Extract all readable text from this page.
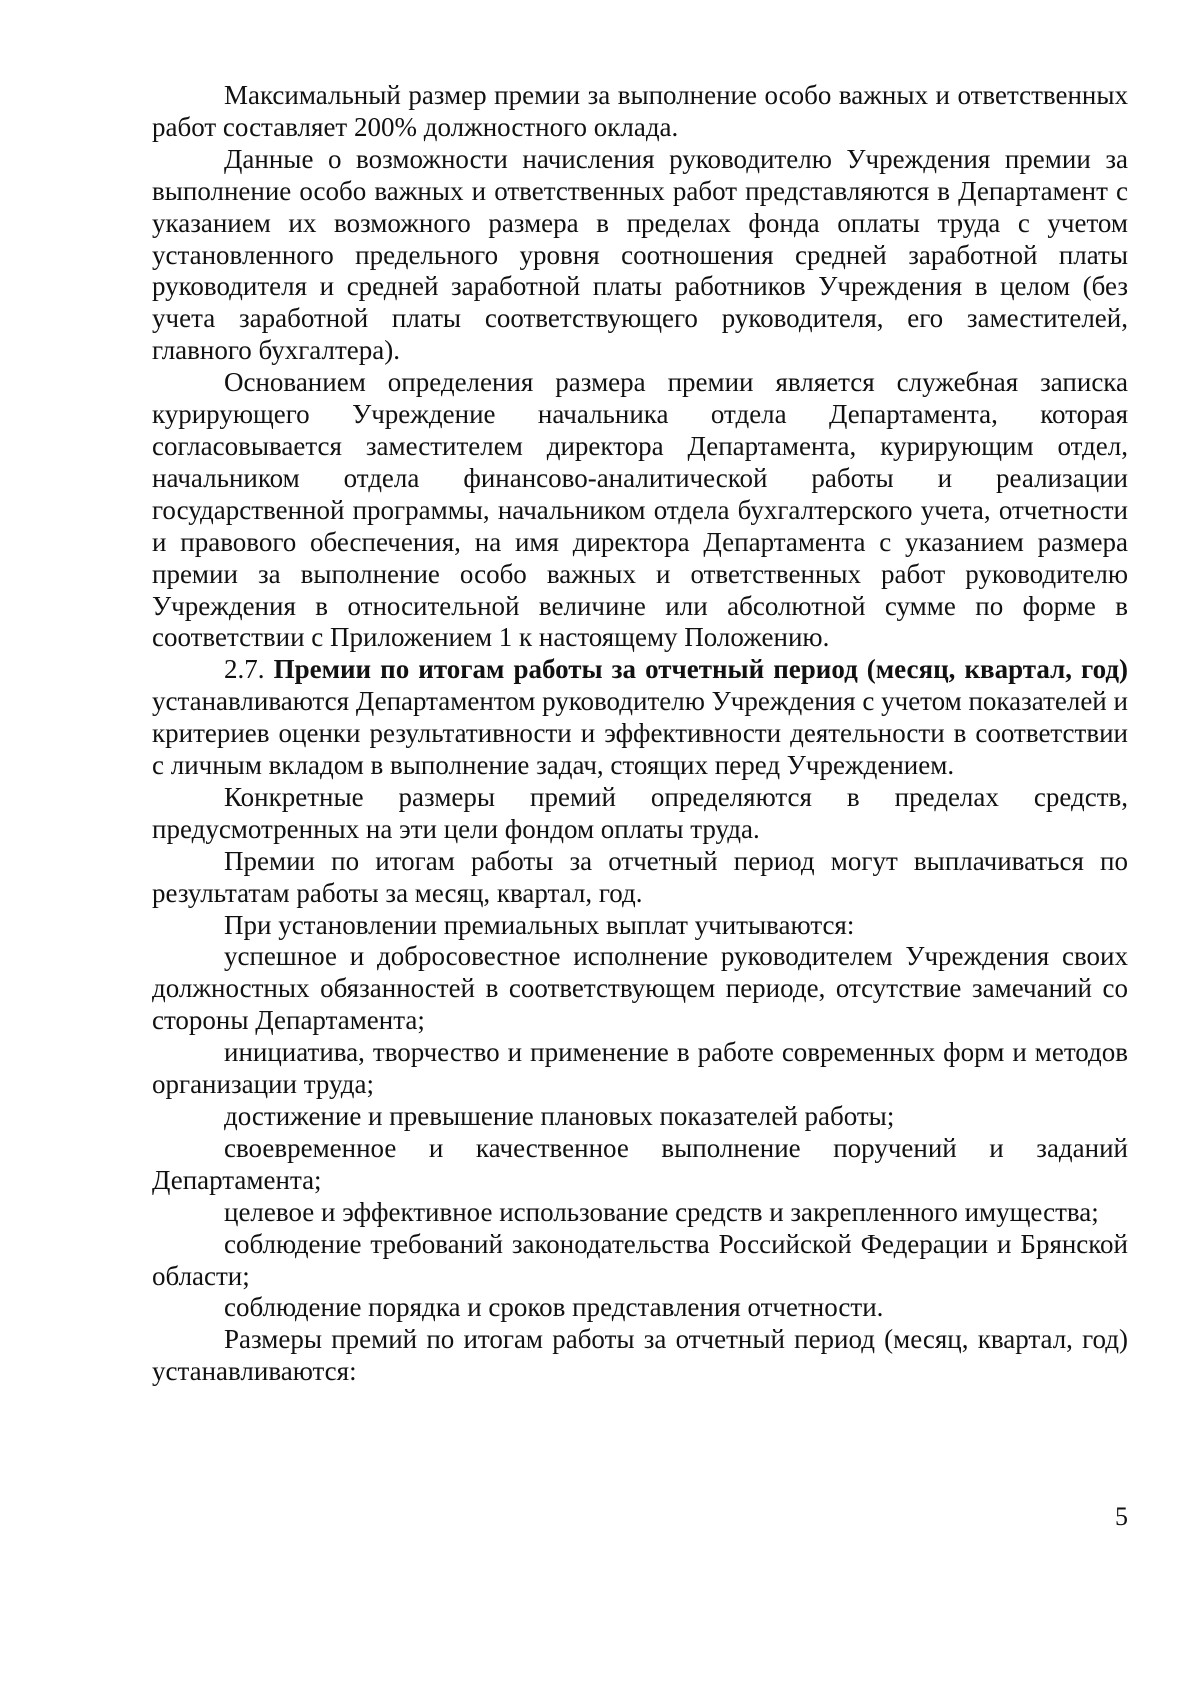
Максимальный размер премии за выполнение особо важных и ответственных работ составляет 200% должностного оклада.

Данные о возможности начисления руководителю Учреждения премии за выполнение особо важных и ответственных работ представляются в Департамент с указанием их возможного размера в пределах фонда оплаты труда с учетом установленного предельного уровня соотношения средней заработной платы руководителя и средней заработной платы работников Учреждения в целом (без учета заработной платы соответствующего руководителя, его заместителей, главного бухгалтера).

Основанием определения размера премии является служебная записка курирующего Учреждение начальника отдела Департамента, которая согласовывается заместителем директора Департамента, курирующим отдел, начальником отдела финансово-аналитической работы и реализации государственной программы, начальником отдела бухгалтерского учета, отчетности и правового обеспечения, на имя директора Департамента с указанием размера премии за выполнение особо важных и ответственных работ руководителю Учреждения в относительной величине или абсолютной сумме по форме в соответствии с Приложением 1 к настоящему Положению.

2.7. Премии по итогам работы за отчетный период (месяц, квартал, год) устанавливаются Департаментом руководителю Учреждения с учетом показателей и критериев оценки результативности и эффективности деятельности в соответствии с личным вкладом в выполнение задач, стоящих перед Учреждением.

Конкретные размеры премий определяются в пределах средств, предусмотренных на эти цели фондом оплаты труда.

Премии по итогам работы за отчетный период могут выплачиваться по результатам работы за месяц, квартал, год.

При установлении премиальных выплат учитываются:

успешное и добросовестное исполнение руководителем Учреждения своих должностных обязанностей в соответствующем периоде, отсутствие замечаний со стороны Департамента;

инициатива, творчество и применение в работе современных форм и методов организации труда;

достижение и превышение плановых показателей работы;

своевременное и качественное выполнение поручений и заданий Департамента;

целевое и эффективное использование средств и закрепленного имущества;

соблюдение требований законодательства Российской Федерации и Брянской области;

соблюдение порядка и сроков представления отчетности.

Размеры премий по итогам работы за отчетный период (месяц, квартал, год) устанавливаются:

5
